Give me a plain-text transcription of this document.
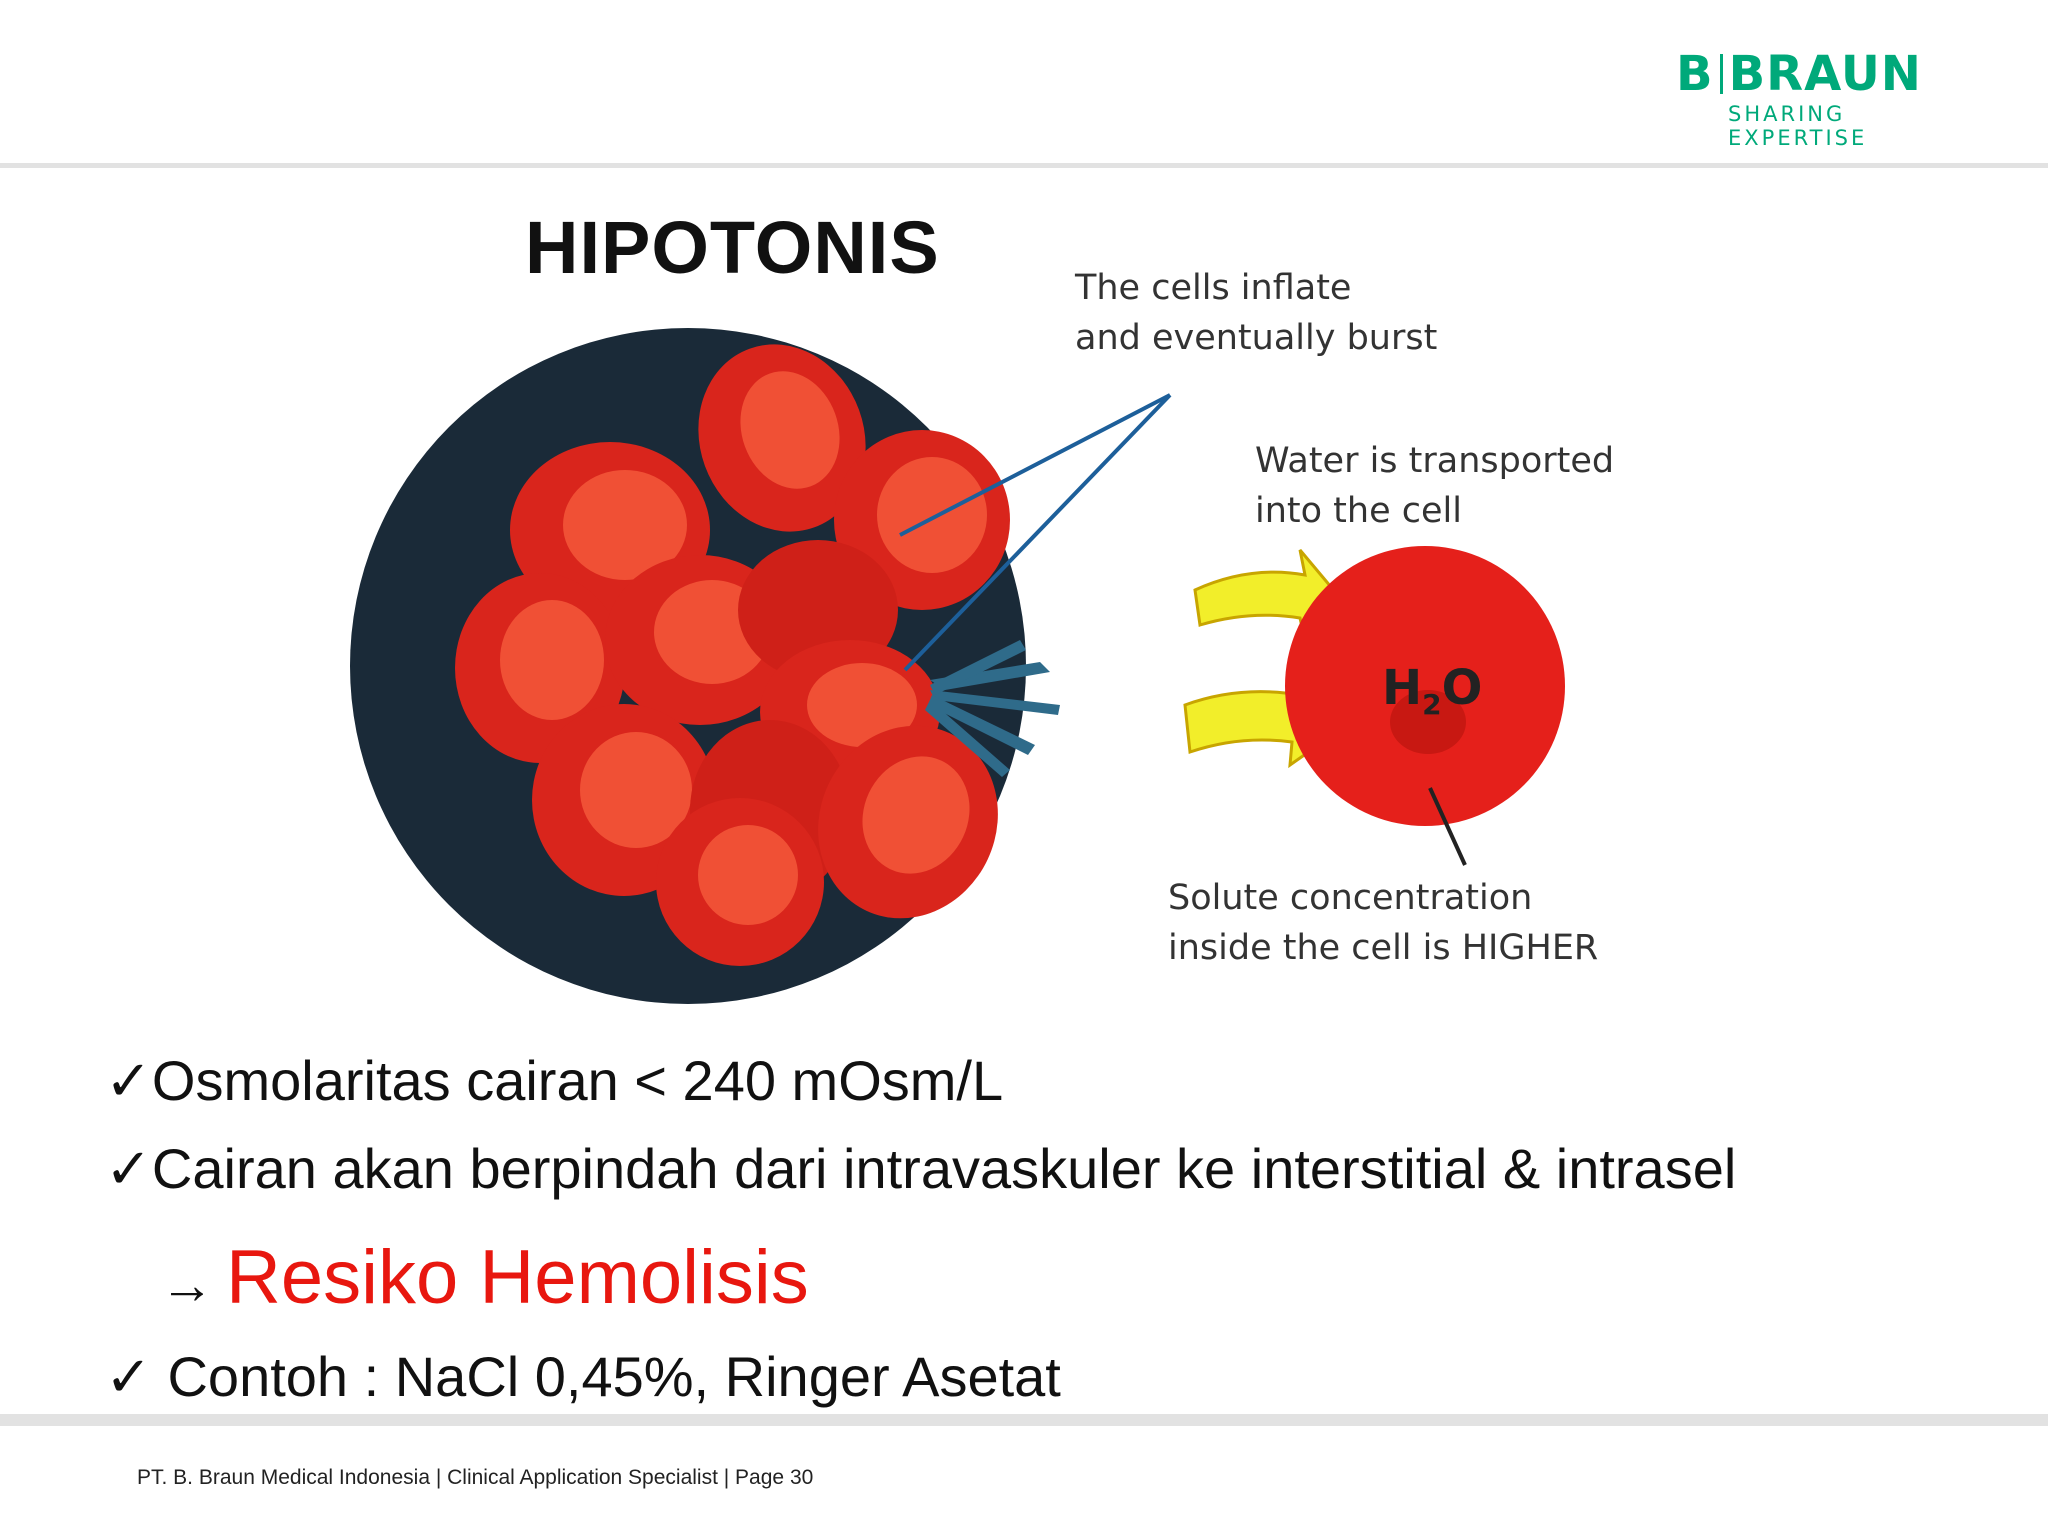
B BRAUN
SHARING EXPERTISE
HIPOTONIS
$H_2O$
The cells inflate
and eventually burst
Water is transported
into the cell
Solute concentration
inside the cell is HIGHER
✓Osmolaritas cairan < 240 mOsm/L
✓Cairan akan berpindah dari intravaskuler ke interstitial & intrasel
→ Resiko Hemolisis
✓ Contoh : NaCl 0,45%, Ringer Asetat
PT. B. Braun Medical Indonesia | Clinical Application Specialist | Page 30
